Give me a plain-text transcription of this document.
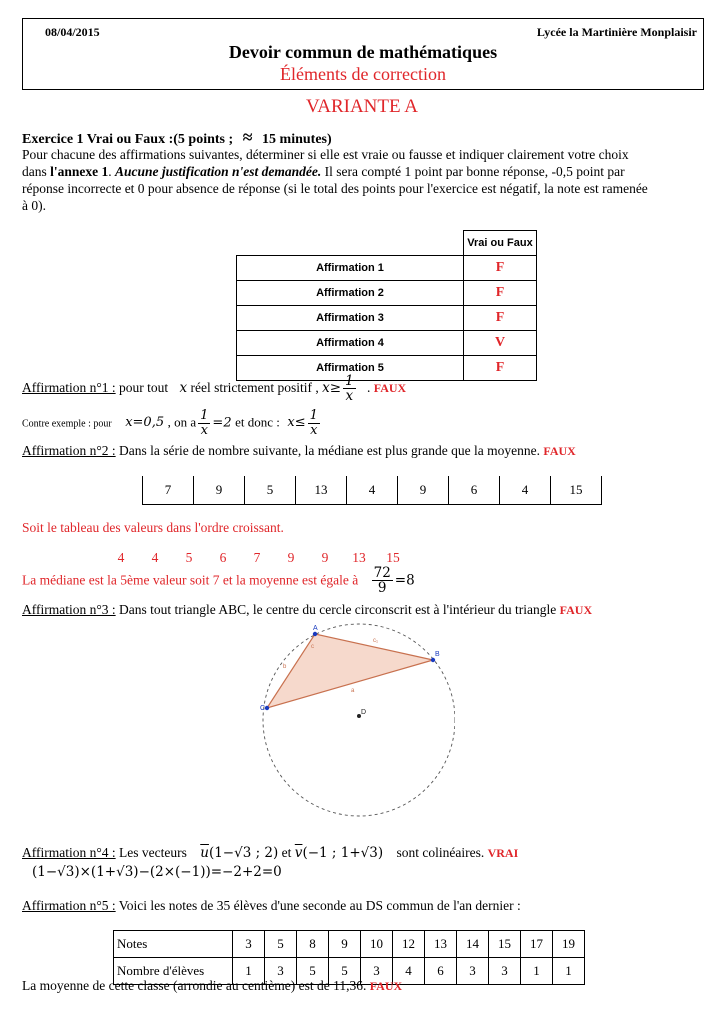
08/04/2015	Lycée la Martinière Monplaisir
Devoir commun de mathématiques
Éléments de correction
VARIANTE A
Exercice 1 Vrai ou Faux :(5 points ; ≈ 15 minutes)
Pour chacune des affirmations suivantes, déterminer si elle est vraie ou fausse et indiquer clairement votre choix
dans l'annexe 1. Aucune justification n'est demandée. Il sera compté 1 point par bonne réponse, -0,5 point par
réponse incorrecte et 0 pour absence de réponse (si le total des points pour l'exercice est négatif, la note est ramenée
à 0).
	Vrai ou Faux
Affirmation 1	F
Affirmation 2	F
Affirmation 3	F
Affirmation 4	V
Affirmation 5	F
Affirmation n°1 : pour tout x réel strictement positif , $x\ge \frac{1}{x}$ . FAUX
Contre exemple : pour x=0,5 , on a $\frac{1}{x} =2$ et donc : $x\le \frac{1}{x}$
Affirmation n°2 : Dans la série de nombre suivante, la médiane est plus grande que la moyenne. FAUX
7	9	5	13	4	9	6	4	15
Soit le tableau des valeurs dans l'ordre croissant.
4 4 5 6 7 9 9 13 15
La médiane est la 5ème valeur soit 7 et la moyenne est égale à $\frac{72}{9} =8$
Affirmation n°3 : Dans tout triangle ABC, le centre du cercle circonscrit est à l'intérieur du triangle FAUX
A
B
C
D
a
b
c
c₁
Affirmation n°4 : Les vecteurs $\overline{u}(1-√3$ ; 2) et $\overline{v}(-1$ ; 1+√3) sont colinéaires. VRAI
(1−√3)×(1+√3)−(2×(−1))=−2+2=0
Affirmation n°5 : Voici les notes de 35 élèves d'une seconde au DS commun de l'an dernier :
Notes	3	5	8	9	10	12	13	14	15	17	19
Nombre d'élèves	1	3	5	5	3	4	6	3	3	1	1
La moyenne de cette classe (arrondie au centième) est de 11,36. FAUX
